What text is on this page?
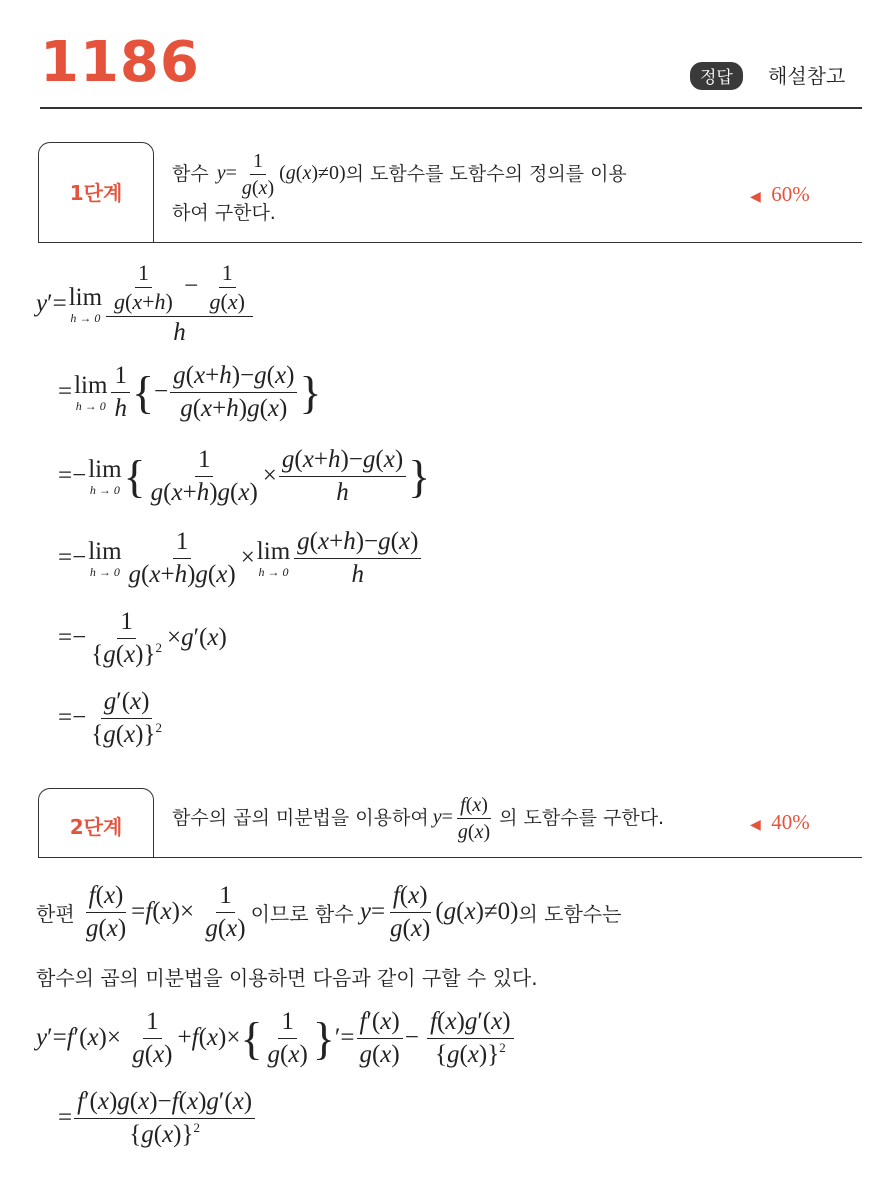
1186	정답	해설참고
1단계
함수 $y= \frac{1}{g(x)} (g(x)\ne 0)$ 의 도함수를 도함수의 정의를 이용
하여 구한다.
◀ 60%
y ′= lim
$h \to 0 \frac{\frac{1}{g(x+h)} - \frac{1}{g(x)}}{h}$
= lim
$h \to 0 \frac{1}{h}$ { − $\frac{g(x+h)-g(x)}{g(x+h)g(x)}$ }
=− lim
h → 0 { $\frac{1}{g(x+h)g(x)} \times \frac{g(x+h)-g(x)}{h}$ }
=− lim
$h \to 0 \frac{1}{g(x+h)g(x)} \times \lim$
$h \to 0 \frac{g(x+h)-g(x)}{h}$
=− $\frac{1}{\{g(x)\}^2} \times g$ ′( x )
=− $\frac{g'(x)}{\{g(x)\}^2}$
2단계	함수의 곱의 미분법을 이용하여 $y= \frac{f(x)}{g(x)}$ 의 도함수를 구한다.	◀ 40%
한편
$\frac{f(x)}{g(x)} = f$ ( x )× $\frac{1}{g(x)}$ 이므로 함수
$y = \frac{f(x)}{g(x)}$ ( g ( x )≠0) 의 도함수는
함수의 곱의 미분법을 이용하면 다음과 같이 구할 수 있다.
y ′= f ′( x )× $\frac{1}{g(x)} + f$ ( x )× { $\frac{1}{g(x)}$ } ′= $\frac{f'(x)}{g(x)} - \frac{f(x)g'(x)}{\{g(x)\}^2}$
= $\frac{f'(x)g(x)-f(x)g'(x)}{\{g(x)\}^2}$
